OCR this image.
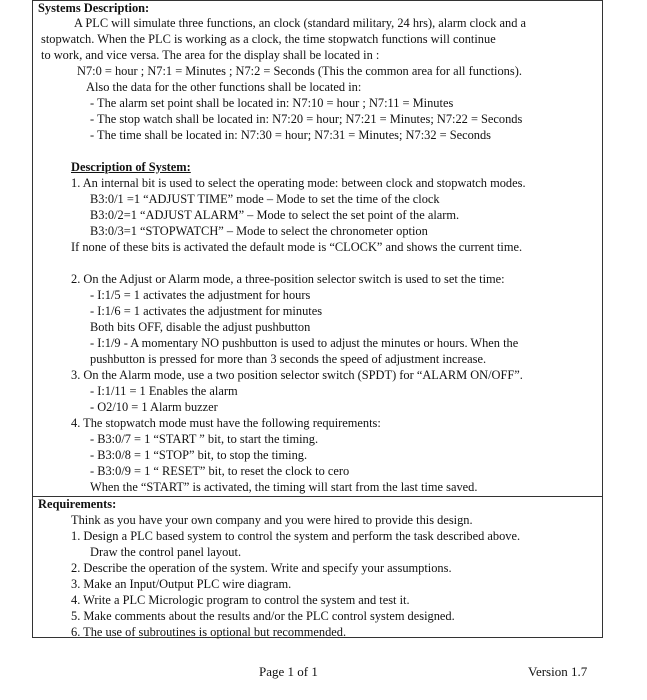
Systems Description:
A PLC will simulate three functions, an clock (standard military, 24 hrs), alarm clock and a
stopwatch. When the PLC is working as a clock, the time stopwatch functions will continue
to work, and vice versa. The area for the display shall be located in :
N7:0 = hour ; N7:1 = Minutes ; N7:2 = Seconds (This the common area for all functions).
Also the data for the other functions shall be located in:
- The alarm set point shall be located in: N7:10 = hour ; N7:11 = Minutes
- The stop watch shall be located in: N7:20 = hour; N7:21 = Minutes; N7:22 = Seconds
- The time shall be located in: N7:30 = hour; N7:31 = Minutes; N7:32 = Seconds
Description of System:
1. An internal bit is used to select the operating mode: between clock and stopwatch modes.
B3:0/1 =1 “ADJUST TIME” mode – Mode to set the time of the clock
B3:0/2=1 “ADJUST ALARM” – Mode to select the set point of the alarm.
B3:0/3=1 “STOPWATCH” – Mode to select the chronometer option
If none of these bits is activated the default mode is “CLOCK” and shows the current time.
2. On the Adjust or Alarm mode, a three-position selector switch is used to set the time:
- I:1/5 = 1 activates the adjustment for hours
- I:1/6 = 1 activates the adjustment for minutes
Both bits OFF, disable the adjust pushbutton
- I:1/9 - A momentary NO pushbutton is used to adjust the minutes or hours. When the
pushbutton is pressed for more than 3 seconds the speed of adjustment increase.
3. On the Alarm mode, use a two position selector switch (SPDT) for “ALARM ON/OFF”.
- I:1/11 = 1 Enables the alarm
- O2/10 = 1 Alarm buzzer
4. The stopwatch mode must have the following requirements:
- B3:0/7 = 1 “START ” bit, to start the timing.
- B3:0/8 = 1 “STOP” bit, to stop the timing.
- B3:0/9 = 1 “ RESET” bit, to reset the clock to cero
When the “START” is activated, the timing will start from the last time saved.
Requirements:
Think as you have your own company and you were hired to provide this design.
1. Design a PLC based system to control the system and perform the task described above.
Draw the control panel layout.
2. Describe the operation of the system. Write and specify your assumptions.
3. Make an Input/Output PLC wire diagram.
4. Write a PLC Micrologic program to control the system and test it.
5. Make comments about the results and/or the PLC control system designed.
6. The use of subroutines is optional but recommended.
Page 1 of 1	Version 1.7
